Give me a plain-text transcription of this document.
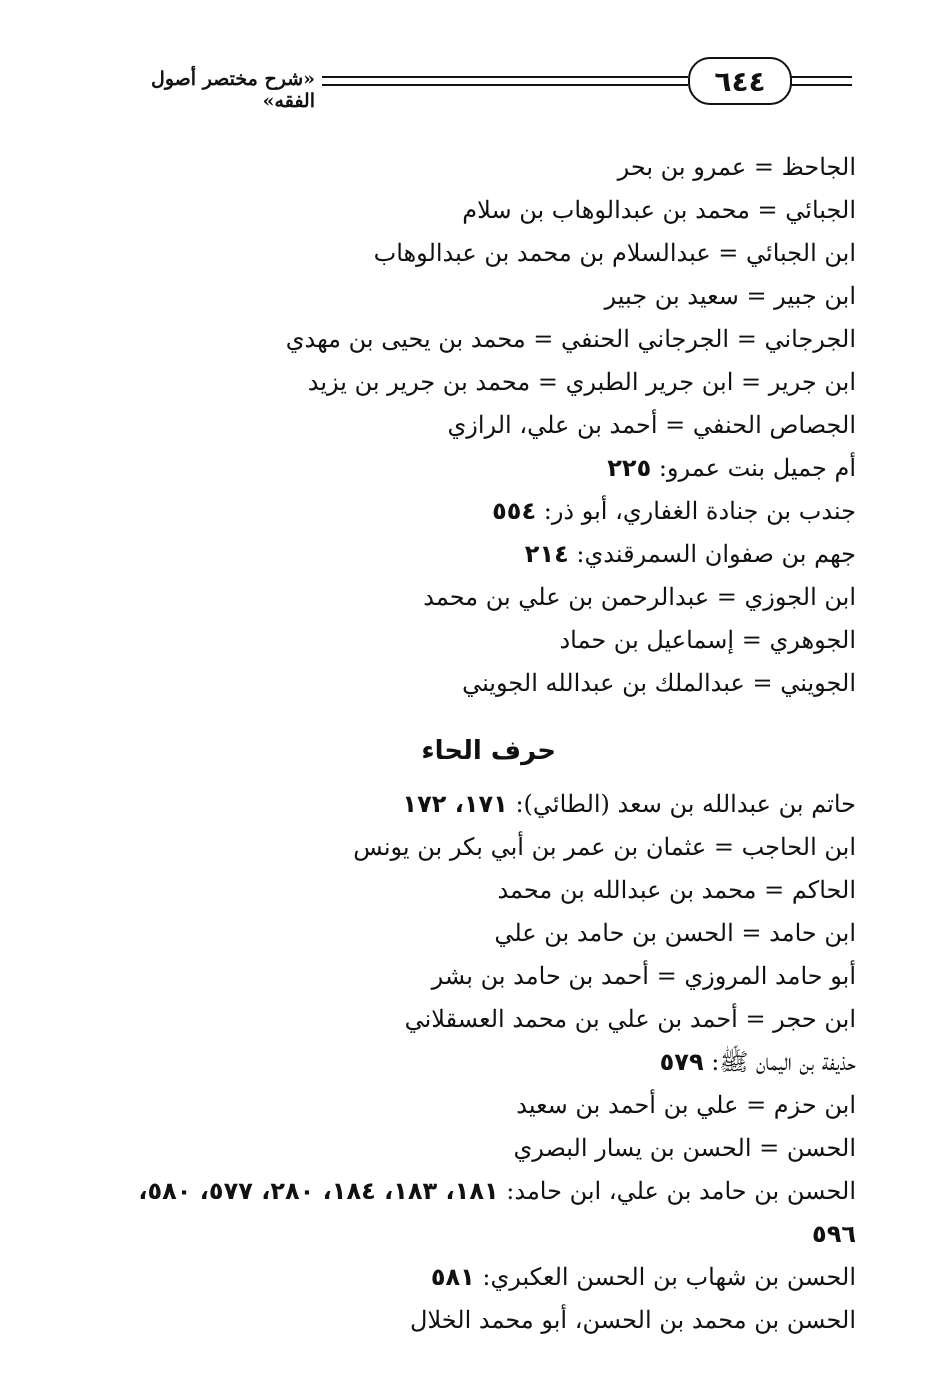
٦٤٤
«شرح مختصر أصول الفقه»
الجاحظ = عمرو بن بحر
الجبائي = محمد بن عبدالوهاب بن سلام
ابن الجبائي = عبدالسلام بن محمد بن عبدالوهاب
ابن جبير = سعيد بن جبير
الجرجاني = الجرجاني الحنفي = محمد بن يحيى بن مهدي
ابن جرير = ابن جرير الطبري = محمد بن جرير بن يزيد
الجصاص الحنفي = أحمد بن علي، الرازي
أم جميل بنت عمرو: ٢٢٥
جندب بن جنادة الغفاري، أبو ذر: ٥٥٤
جهم بن صفوان السمرقندي: ٢١٤
ابن الجوزي = عبدالرحمن بن علي بن محمد
الجوهري = إسماعيل بن حماد
الجويني = عبدالملك بن عبدالله الجويني
حرف الحاء
حاتم بن عبدالله بن سعد (الطائي): ١٧١، ١٧٢
ابن الحاجب = عثمان بن عمر بن أبي بكر بن يونس
الحاكم = محمد بن عبدالله بن محمد
ابن حامد = الحسن بن حامد بن علي
أبو حامد المروزي = أحمد بن حامد بن بشر
ابن حجر = أحمد بن علي بن محمد العسقلاني
حذيفة بن اليمان ﷺ: ٥٧٩
ابن حزم = علي بن أحمد بن سعيد
الحسن = الحسن بن يسار البصري
الحسن بن حامد بن علي، ابن حامد: ١٨١، ١٨٣، ١٨٤، ٢٨٠، ٥٧٧، ٥٨٠، ٥٩٦
الحسن بن شهاب بن الحسن العكبري: ٥٨١
الحسن بن محمد بن الحسن، أبو محمد الخلال
